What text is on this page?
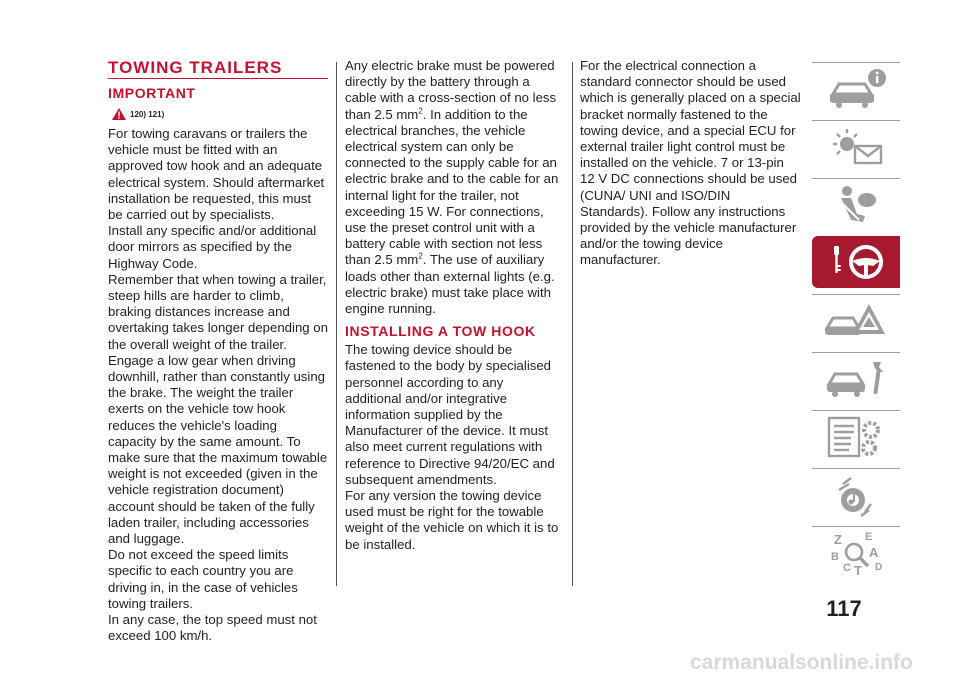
TOWING TRAILERS
IMPORTANT
120) 121)

For towing caravans or trailers the vehicle must be fitted with an approved tow hook and an adequate electrical system. Should aftermarket installation be requested, this must be carried out by specialists.

Install any specific and/or additional door mirrors as specified by the Highway Code.

Remember that when towing a trailer, steep hills are harder to climb, braking distances increase and overtaking takes longer depending on the overall weight of the trailer. Engage a low gear when driving downhill, rather than constantly using the brake. The weight the trailer exerts on the vehicle tow hook reduces the vehicle's loading capacity by the same amount. To make sure that the maximum towable weight is not exceeded (given in the vehicle registration document) account should be taken of the fully laden trailer, including accessories and luggage.

Do not exceed the speed limits specific to each country you are driving in, in the case of vehicles towing trailers.

In any case, the top speed must not exceed 100 km/h.

Any electric brake must be powered directly by the battery through a cable with a cross-section of no less than 2.5 $mm^2$. In addition to the electrical branches, the vehicle electrical system can only be connected to the supply cable for an electric brake and to the cable for an internal light for the trailer, not exceeding 15 W. For connections, use the preset control unit with a battery cable with section not less than 2.5 $mm^2$. The use of auxiliary loads other than external lights (e.g. electric brake) must take place with engine running.

INSTALLING A TOW HOOK

The towing device should be fastened to the body by specialised personnel according to any additional and/or integrative information supplied by the Manufacturer of the device. It must also meet current regulations with reference to Directive 94/20/EC and subsequent amendments.

For any version the towing device used must be right for the towable weight of the vehicle on which it is to be installed.

For the electrical connection a standard connector should be used which is generally placed on a special bracket normally fastened to the towing device, and a special ECU for external trailer light control must be installed on the vehicle. 7 or 13-pin 12 V DC connections should be used (CUNA/ UNI and ISO/DIN Standards). Follow any instructions provided by the vehicle manufacturer and/or the towing device manufacturer.

Z E
B A
C T D
117
carmanualsonline.info
